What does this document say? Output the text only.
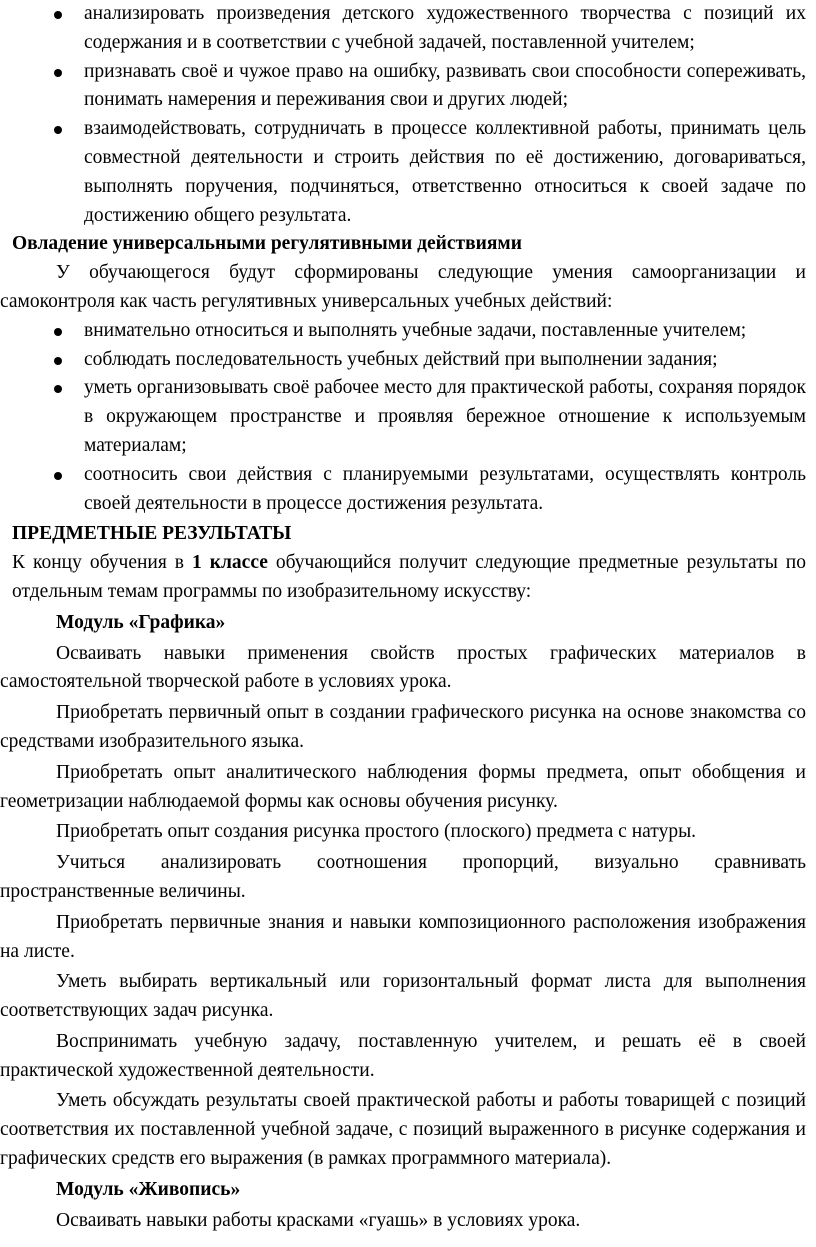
анализировать произведения детского художественного творчества с позиций их содержания и в соответствии с учебной задачей, поставленной учителем;
признавать своё и чужое право на ошибку, развивать свои способности сопереживать, понимать намерения и переживания свои и других людей;
взаимодействовать, сотрудничать в процессе коллективной работы, принимать цель совместной деятельности и строить действия по её достижению, договариваться, выполнять поручения, подчиняться, ответственно относиться к своей задаче по достижению общего результата.

Овладение универсальными регулятивными действиями

У обучающегося будут сформированы следующие умения самоорганизации и самоконтроля как часть регулятивных универсальных учебных действий:

внимательно относиться и выполнять учебные задачи, поставленные учителем;
соблюдать последовательность учебных действий при выполнении задания;
уметь организовывать своё рабочее место для практической работы, сохраняя порядок в окружающем пространстве и проявляя бережное отношение к используемым материалам;
соотносить свои действия с планируемыми результатами, осуществлять контроль своей деятельности в процессе достижения результата.

ПРЕДМЕТНЫЕ РЕЗУЛЬТАТЫ

К концу обучения в 1 классе обучающийся получит следующие предметные результаты по отдельным темам программы по изобразительному искусству:

Модуль «Графика»

Осваивать навыки применения свойств простых графических материалов в самостоятельной творческой работе в условиях урока.

Приобретать первичный опыт в создании графического рисунка на основе знакомства со средствами изобразительного языка.

Приобретать опыт аналитического наблюдения формы предмета, опыт обобщения и геометризации наблюдаемой формы как основы обучения рисунку.

Приобретать опыт создания рисунка простого (плоского) предмета с натуры.

Учиться анализировать соотношения пропорций, визуально сравнивать пространственные величины.

Приобретать первичные знания и навыки композиционного расположения изображения на листе.

Уметь выбирать вертикальный или горизонтальный формат листа для выполнения соответствующих задач рисунка.

Воспринимать учебную задачу, поставленную учителем, и решать её в своей практической художественной деятельности.

Уметь обсуждать результаты своей практической работы и работы товарищей с позиций соответствия их поставленной учебной задаче, с позиций выраженного в рисунке содержания и графических средств его выражения (в рамках программного материала).

Модуль «Живопись»

Осваивать навыки работы красками «гуашь» в условиях урока.
